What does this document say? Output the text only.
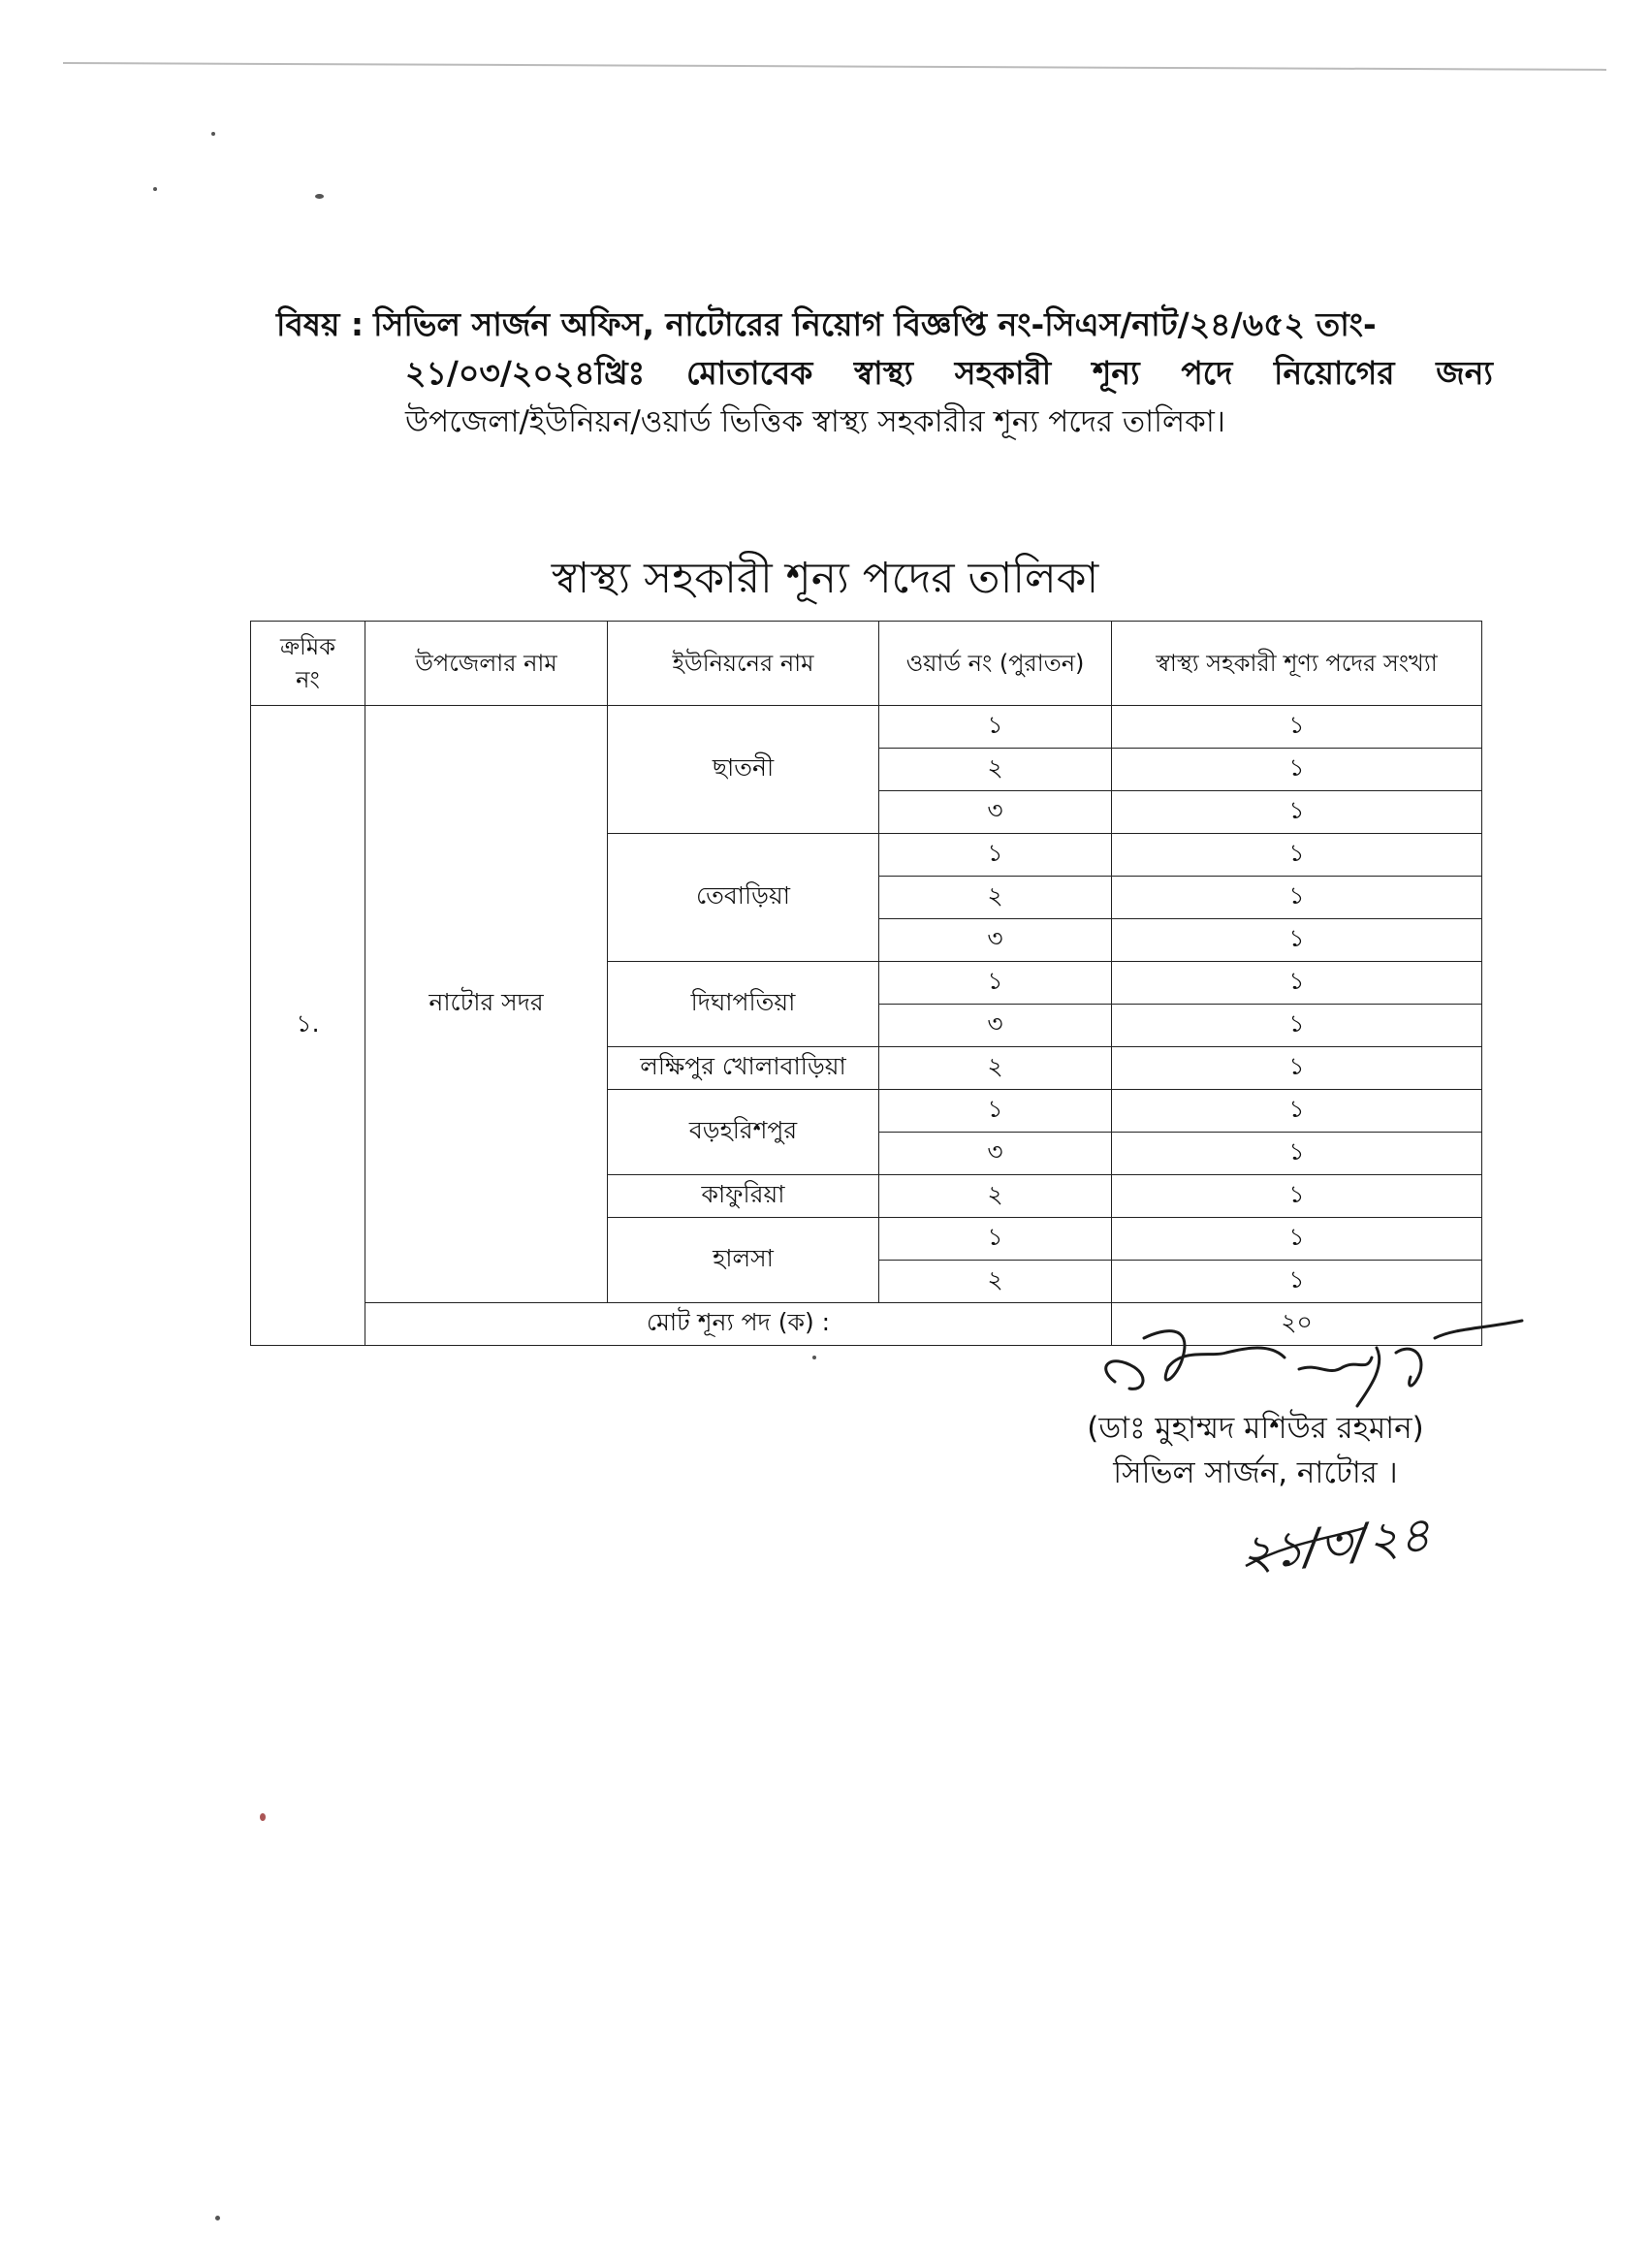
বিষয় : সিভিল সার্জন অফিস, নাটোরের নিয়োগ বিজ্ঞপ্তি নং-সিএস/নাট/২৪/৬৫২ তাং-
২১/০৩/২০২৪খ্রিঃ মোতাবেক স্বাস্থ্য সহকারী শূন্য পদে নিয়োগের জন্য
উপজেলা/ইউনিয়ন/ওয়ার্ড ভিত্তিক স্বাস্থ্য সহকারীর শূন্য পদের তালিকা।
স্বাস্থ্য সহকারী শূন্য পদের তালিকা
ক্রমিক
নং	উপজেলার নাম	ইউনিয়নের নাম	ওয়ার্ড নং (পুরাতন)	স্বাস্থ্য সহকারী শূণ্য পদের সংখ্যা
১.	নাটোর সদর	ছাতনী	১	১
			২	১
			৩	১
		তেবাড়িয়া	১	১
			২	১
			৩	১
		দিঘাপতিয়া	১	১
			৩	১
		লক্ষিপুর খোলাবাড়িয়া	২	১
		বড়হরিশপুর	১	১
			৩	১
		কাফুরিয়া	২	১
		হালসা	১	১
			২	১
	মোট শূন্য পদ (ক) :			২০
(ডাঃ মুহাম্মদ মশিউর রহমান)
সিভিল সার্জন, নাটোর ।
২১/৩/২৪
